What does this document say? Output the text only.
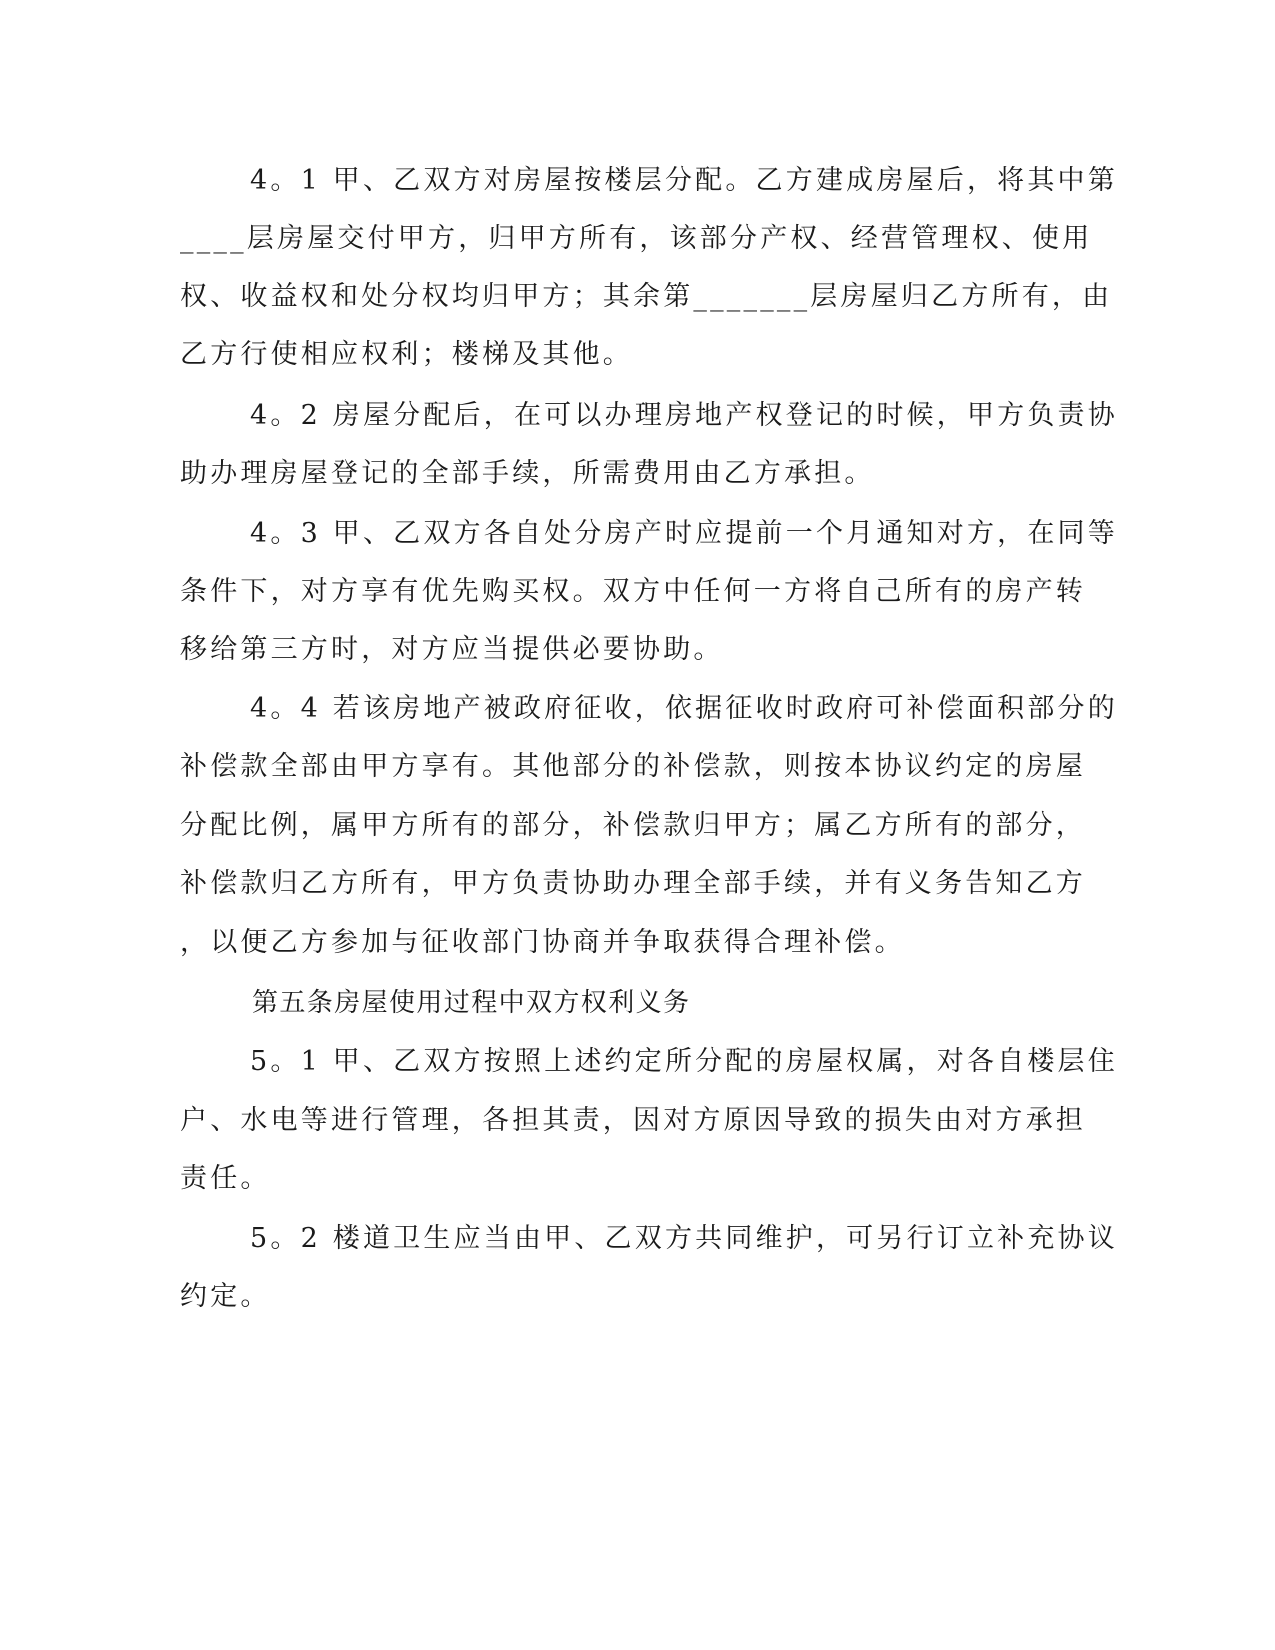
4。1 甲、乙双方对房屋按楼层分配。乙方建成房屋后，将其中第
____层房屋交付甲方，归甲方所有，该部分产权、经营管理权、使用
权、收益权和处分权均归甲方；其余第_______层房屋归乙方所有，由
乙方行使相应权利；楼梯及其他。
4。2 房屋分配后，在可以办理房地产权登记的时候，甲方负责协
助办理房屋登记的全部手续，所需费用由乙方承担。
4。3 甲、乙双方各自处分房产时应提前一个月通知对方，在同等
条件下，对方享有优先购买权。双方中任何一方将自己所有的房产转
移给第三方时，对方应当提供必要协助。
4。4 若该房地产被政府征收，依据征收时政府可补偿面积部分的
补偿款全部由甲方享有。其他部分的补偿款，则按本协议约定的房屋
分配比例，属甲方所有的部分，补偿款归甲方；属乙方所有的部分，
补偿款归乙方所有，甲方负责协助办理全部手续，并有义务告知乙方
，以便乙方参加与征收部门协商并争取获得合理补偿。
第五条房屋使用过程中双方权利义务
5。1 甲、乙双方按照上述约定所分配的房屋权属，对各自楼层住
户、水电等进行管理，各担其责，因对方原因导致的损失由对方承担
责任。
5。2 楼道卫生应当由甲、乙双方共同维护，可另行订立补充协议
约定。
